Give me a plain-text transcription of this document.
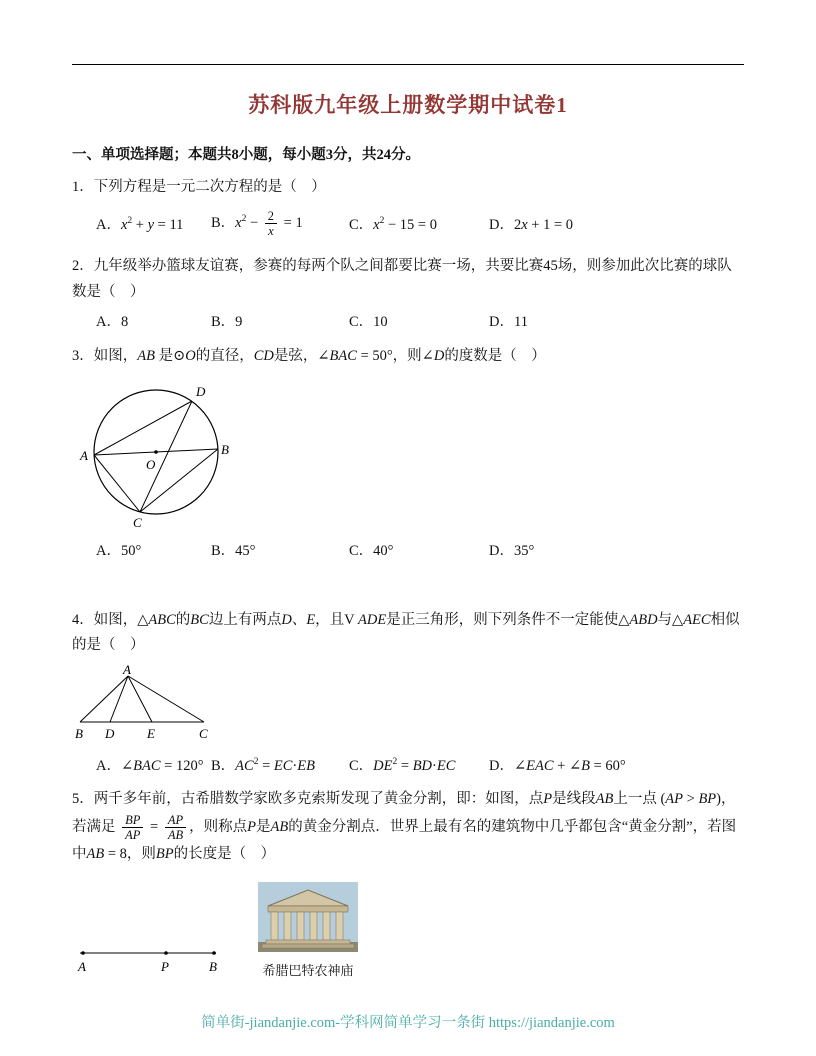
苏科版九年级上册数学期中试卷1
一、单项选择题；本题共8小题，每小题3分，共24分。
1．下列方程是一元二次方程的是（　）
A．$x^2 + y = 11$	B．$x^2 - \frac{2}{x} = 1$	C．$x^2 - 15 = 0$	D．2x + 1 = 0
2．九年级举办篮球友谊赛，参赛的每两个队之间都要比赛一场，共要比赛45场，则参加此次比赛的球队数是（　）
A．8	B．9	C．10	D．11
3．如图，AB 是⊙O的直径，CD是弦，∠BAC = 50°，则∠D的度数是（　）
A	B
D
C
O
A．50°	B．45°	C．40°	D．35°
4．如图，△ABC的BC边上有两点D、E，且V ADE是正三角形，则下列条件不一定能使△ABD与△AEC相似的是（　）
A
B D	E	C
A．∠BAC = 120° B．$AC^2 = EC\cdot EB$	C．$DE^2 = BD\cdot EC$	D．∠EAC + ∠B = 60°
5．两千多年前，古希腊数学家欧多克索斯发现了黄金分割，即：如图，点P是线段AB上一点 (AP > BP)，若满足 $\frac{BP}{AP} = \frac{AP}{AB}$ ，则称点P是AB的黄金分割点．世界上最有名的建筑物中几乎都包含“黄金分割”，若图中AB = 8，则BP的长度是（　）
A	P	B	希腊巴特农神庙
简单街-jiandanjie.com-学科网简单学习一条街 https://jiandanjie.com
